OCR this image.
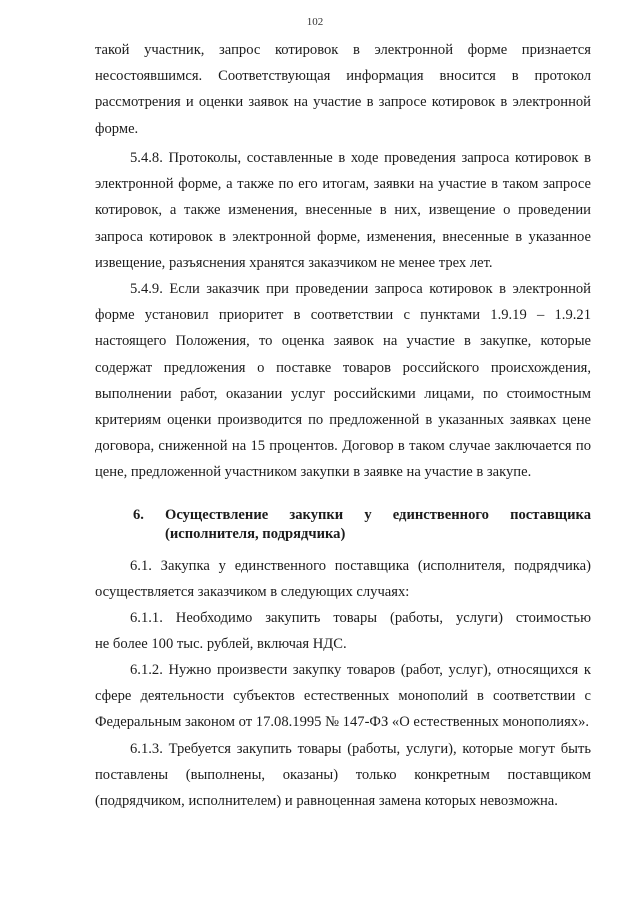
102
такой участник, запрос котировок в электронной форме признается
несостоявшимся. Соответствующая информация вносится в протокол
рассмотрения и оценки заявок на участие в запросе котировок в электронной
форме.
5.4.8. Протоколы, составленные в ходе проведения запроса котировок в
электронной форме, а также по его итогам, заявки на участие в таком запросе
котировок, а также изменения, внесенные в них, извещение о проведении
запроса котировок в электронной форме, изменения, внесенные в указанное
извещение, разъяснения хранятся заказчиком не менее трех лет.
5.4.9. Если заказчик при проведении запроса котировок в электронной
форме установил приоритет в соответствии с пунктами 1.9.19 – 1.9.21
настоящего Положения, то оценка заявок на участие в закупке, которые
содержат предложения о поставке товаров российского происхождения,
выполнении работ, оказании услуг российскими лицами, по стоимостным
критериям оценки производится по предложенной в указанных заявках цене
договора, сниженной на 15 процентов. Договор в таком случае заключается по
цене, предложенной участником закупки в заявке на участие в закупе.
6. Осуществление закупки у единственного поставщика
(исполнителя, подрядчика)
6.1. Закупка у единственного поставщика (исполнителя, подрядчика)
осуществляется заказчиком в следующих случаях:
6.1.1. Необходимо закупить товары (работы, услуги) стоимостью
не более 100 тыс. рублей, включая НДС.
6.1.2. Нужно произвести закупку товаров (работ, услуг), относящихся к
сфере деятельности субъектов естественных монополий в соответствии с
Федеральным законом от 17.08.1995 № 147-ФЗ «О естественных монополиях».
6.1.3. Требуется закупить товары (работы, услуги), которые могут быть
поставлены (выполнены, оказаны) только конкретным поставщиком
(подрядчиком, исполнителем) и равноценная замена которых невозможна.
